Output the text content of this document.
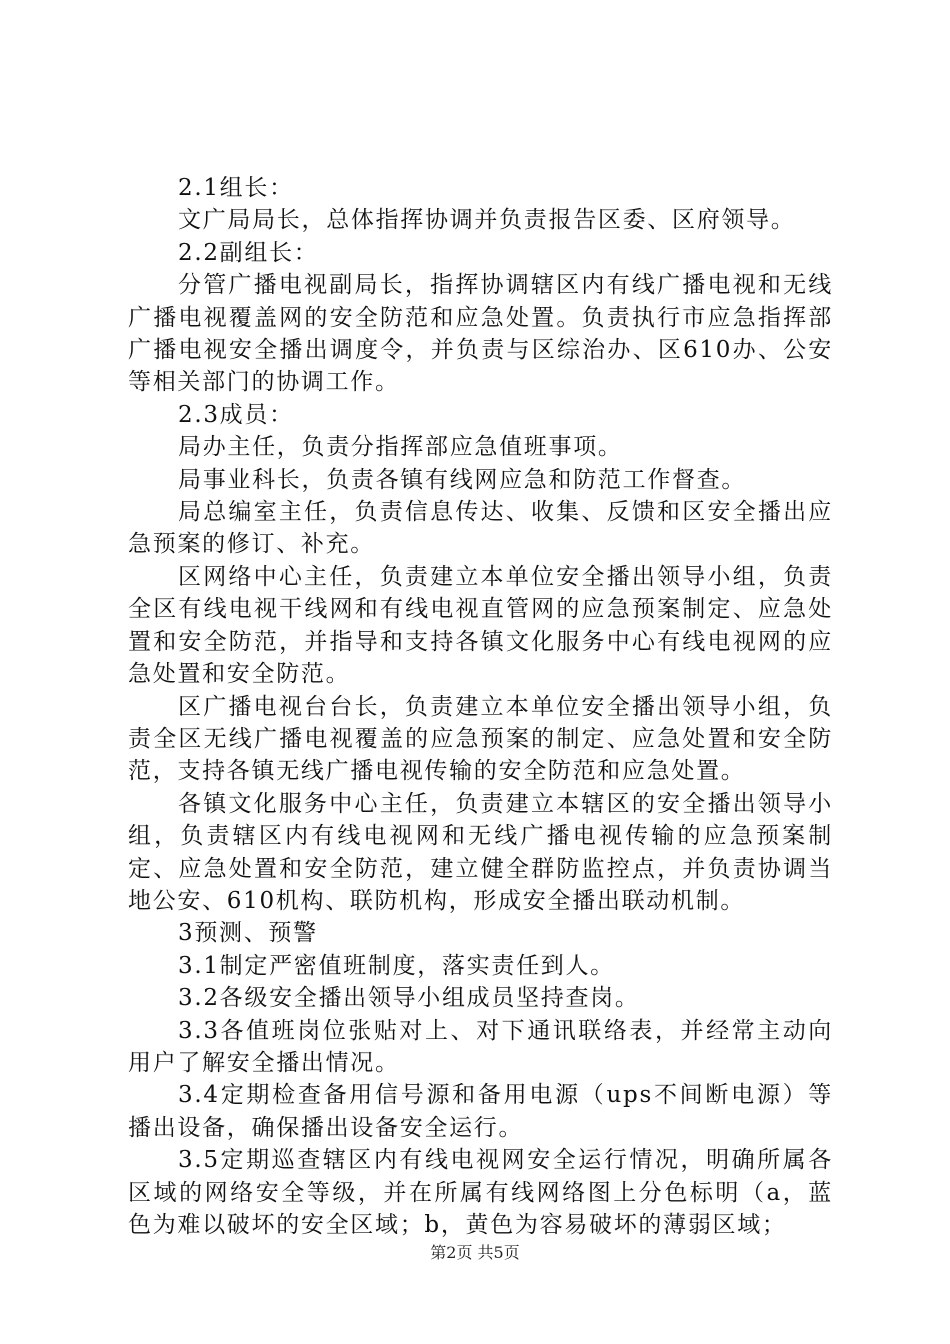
2.1组长：

文广局局长，总体指挥协调并负责报告区委、区府领导。

2.2副组长：

分管广播电视副局长，指挥协调辖区内有线广播电视和无线广播电视覆盖网的安全防范和应急处置。负责执行市应急指挥部广播电视安全播出调度令，并负责与区综治办、区610办、公安等相关部门的协调工作。

2.3成员：

局办主任，负责分指挥部应急值班事项。

局事业科长，负责各镇有线网应急和防范工作督查。

局总编室主任，负责信息传达、收集、反馈和区安全播出应急预案的修订、补充。

区网络中心主任，负责建立本单位安全播出领导小组，负责全区有线电视干线网和有线电视直管网的应急预案制定、应急处置和安全防范，并指导和支持各镇文化服务中心有线电视网的应急处置和安全防范。

区广播电视台台长，负责建立本单位安全播出领导小组，负责全区无线广播电视覆盖的应急预案的制定、应急处置和安全防范，支持各镇无线广播电视传输的安全防范和应急处置。

各镇文化服务中心主任，负责建立本辖区的安全播出领导小组，负责辖区内有线电视网和无线广播电视传输的应急预案制定、应急处置和安全防范，建立健全群防监控点，并负责协调当地公安、610机构、联防机构，形成安全播出联动机制。

3预测、预警

3.1制定严密值班制度，落实责任到人。

3.2各级安全播出领导小组成员坚持查岗。

3.3各值班岗位张贴对上、对下通讯联络表，并经常主动向用户了解安全播出情况。

3.4定期检查备用信号源和备用电源（ups不间断电源）等播出设备，确保播出设备安全运行。

3.5定期巡查辖区内有线电视网安全运行情况，明确所属各区域的网络安全等级，并在所属有线网络图上分色标明（a，蓝色为难以破坏的安全区域；b，黄色为容易破坏的薄弱区域；

第2页 共5页
